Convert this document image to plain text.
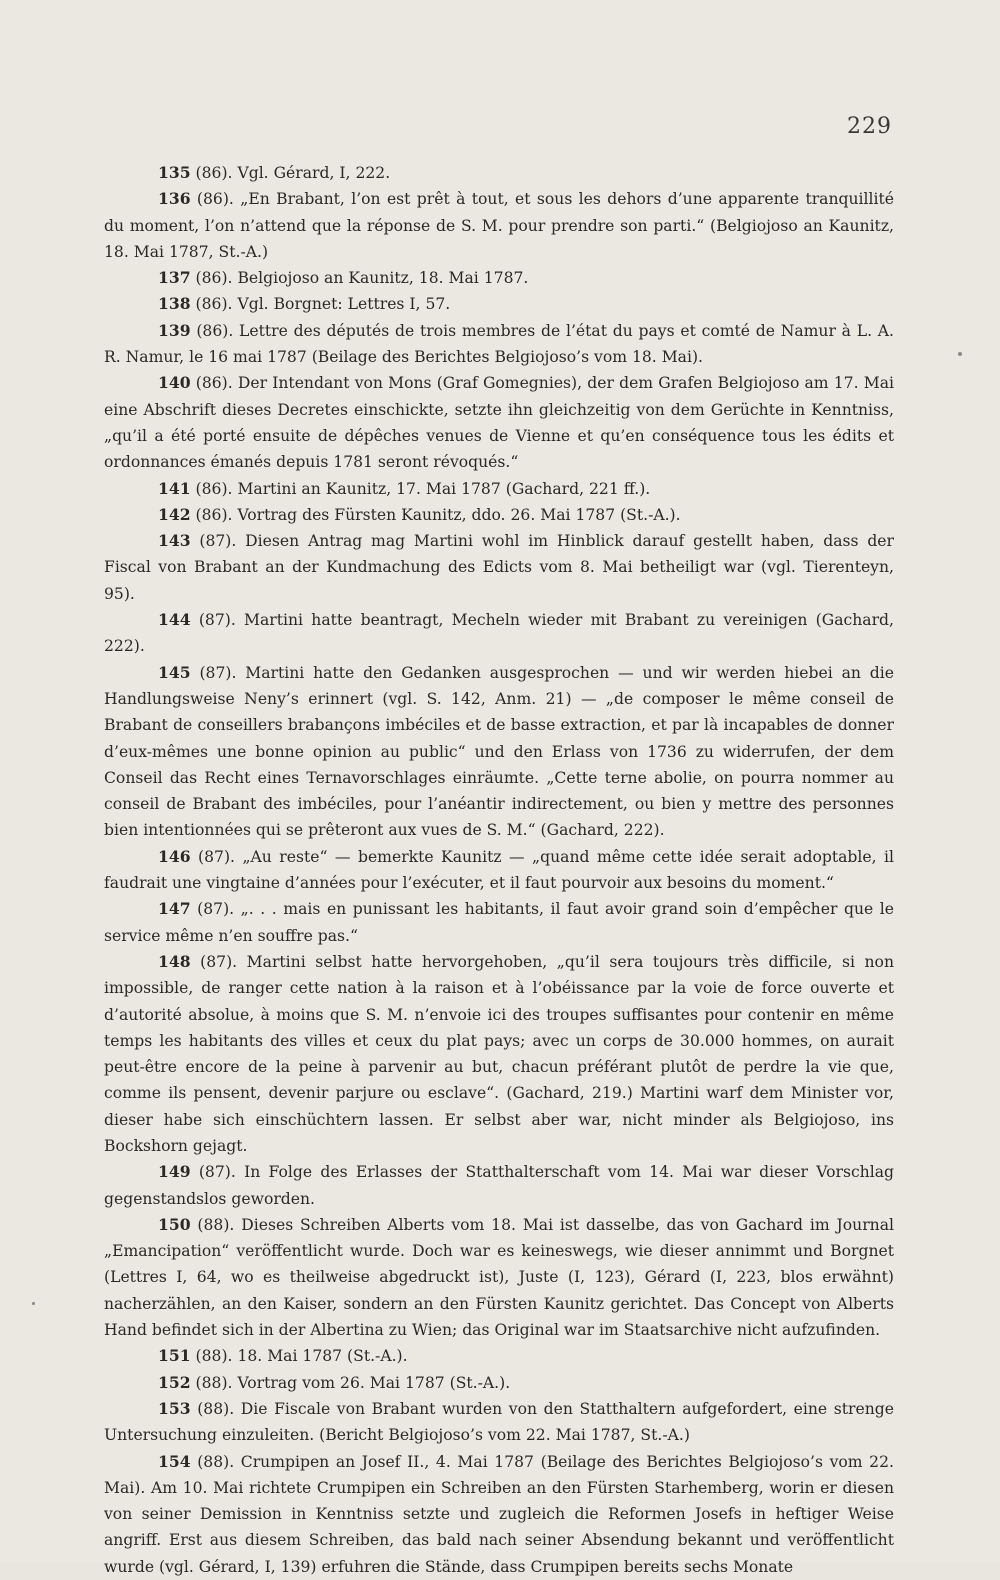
229

135 (86). Vgl. Gérard, I, 222.

136 (86). „En Brabant, l’on est prêt à tout, et sous les dehors d’une apparente tranquillité du moment, l’on n’attend que la réponse de S. M. pour prendre son parti.“ (Belgiojoso an Kaunitz, 18. Mai 1787, St.-A.)

137 (86). Belgiojoso an Kaunitz, 18. Mai 1787.

138 (86). Vgl. Borgnet: Lettres I, 57.

139 (86). Lettre des députés de trois membres de l’état du pays et comté de Namur à L. A. R. Namur, le 16 mai 1787 (Beilage des Berichtes Belgiojoso’s vom 18. Mai).

140 (86). Der Intendant von Mons (Graf Gomegnies), der dem Grafen Belgiojoso am 17. Mai eine Abschrift dieses Decretes einschickte, setzte ihn gleichzeitig von dem Gerüchte in Kenntniss, „qu’il a été porté ensuite de dépêches venues de Vienne et qu’en conséquence tous les édits et ordonnances émanés depuis 1781 seront révoqués.“

141 (86). Martini an Kaunitz, 17. Mai 1787 (Gachard, 221 ff.).

142 (86). Vortrag des Fürsten Kaunitz, ddo. 26. Mai 1787 (St.-A.).

143 (87). Diesen Antrag mag Martini wohl im Hinblick darauf gestellt haben, dass der Fiscal von Brabant an der Kundmachung des Edicts vom 8. Mai betheiligt war (vgl. Tierenteyn, 95).

144 (87). Martini hatte beantragt, Mecheln wieder mit Brabant zu vereinigen (Gachard, 222).

145 (87). Martini hatte den Gedanken ausgesprochen — und wir werden hiebei an die Handlungsweise Neny’s erinnert (vgl. S. 142, Anm. 21) — „de composer le même conseil de Brabant de conseillers brabançons imbéciles et de basse extraction, et par là incapables de donner d’eux-mêmes une bonne opinion au public“ und den Erlass von 1736 zu widerrufen, der dem Conseil das Recht eines Ternavorschlages einräumte. „Cette terne abolie, on pourra nommer au conseil de Brabant des imbéciles, pour l’anéantir indirectement, ou bien y mettre des personnes bien intentionnées qui se prêteront aux vues de S. M.“ (Gachard, 222).

146 (87). „Au reste“ — bemerkte Kaunitz — „quand même cette idée serait adoptable, il faudrait une vingtaine d’années pour l’exécuter, et il faut pourvoir aux besoins du moment.“

147 (87). „. . . mais en punissant les habitants, il faut avoir grand soin d’empêcher que le service même n’en souffre pas.“

148 (87). Martini selbst hatte hervorgehoben, „qu’il sera toujours très difficile, si non impossible, de ranger cette nation à la raison et à l’obéissance par la voie de force ouverte et d’autorité absolue, à moins que S. M. n’envoie ici des troupes suffisantes pour contenir en même temps les habitants des villes et ceux du plat pays; avec un corps de 30.000 hommes, on aurait peut-être encore de la peine à parvenir au but, chacun préférant plutôt de perdre la vie que, comme ils pensent, devenir parjure ou esclave“. (Gachard, 219.) Martini warf dem Minister vor, dieser habe sich einschüchtern lassen. Er selbst aber war, nicht minder als Belgiojoso, ins Bockshorn gejagt.

149 (87). In Folge des Erlasses der Statthalterschaft vom 14. Mai war dieser Vorschlag gegenstandslos geworden.

150 (88). Dieses Schreiben Alberts vom 18. Mai ist dasselbe, das von Gachard im Journal „Emancipation“ veröffentlicht wurde. Doch war es keineswegs, wie dieser annimmt und Borgnet (Lettres I, 64, wo es theilweise abgedruckt ist), Juste (I, 123), Gérard (I, 223, blos erwähnt) nacherzählen, an den Kaiser, sondern an den Fürsten Kaunitz gerichtet. Das Concept von Alberts Hand befindet sich in der Albertina zu Wien; das Original war im Staatsarchive nicht aufzufinden.

151 (88). 18. Mai 1787 (St.-A.).

152 (88). Vortrag vom 26. Mai 1787 (St.-A.).

153 (88). Die Fiscale von Brabant wurden von den Statthaltern aufgefordert, eine strenge Untersuchung einzuleiten. (Bericht Belgiojoso’s vom 22. Mai 1787, St.-A.)

154 (88). Crumpipen an Josef II., 4. Mai 1787 (Beilage des Berichtes Belgiojoso’s vom 22. Mai). Am 10. Mai richtete Crumpipen ein Schreiben an den Fürsten Starhemberg, worin er diesen von seiner Demission in Kenntniss setzte und zugleich die Reformen Josefs in heftiger Weise angriff. Erst aus diesem Schreiben, das bald nach seiner Absendung bekannt und veröffentlicht wurde (vgl. Gérard, I, 139) erfuhren die Stände, dass Crumpipen bereits sechs Monate
